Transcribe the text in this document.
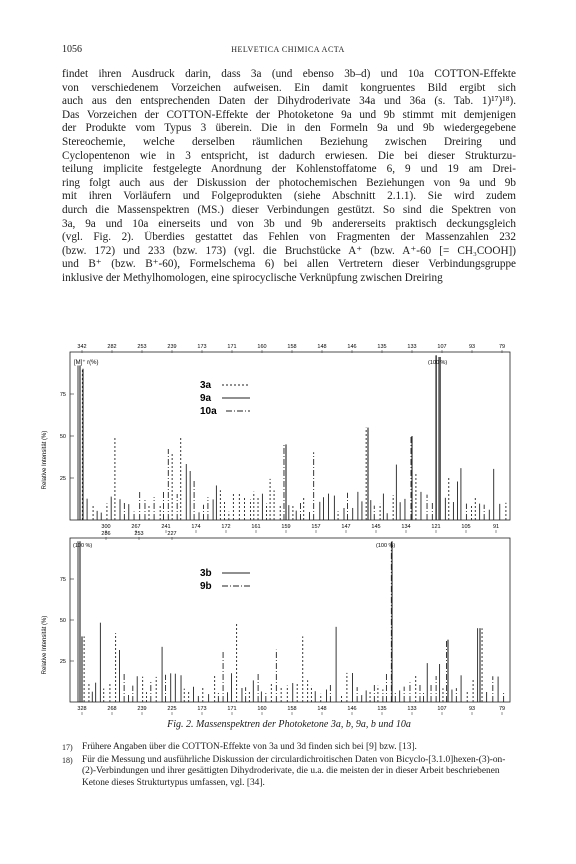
1056	HELVETICA CHIMICA ACTA
findet ihren Ausdruck darin, dass 3a (und ebenso 3b–d) und 10a COTTON-Effekte
von verschiedenem Vorzeichen aufweisen. Ein damit kongruentes Bild ergibt sich
auch aus den entsprechenden Daten der Dihydroderivate 34a und 36a (s. Tab. 1)¹⁷)¹⁸).
Das Vorzeichen der COTTON-Effekte der Photoketone 9a und 9b stimmt mit demjenigen
der Produkte vom Typus 3 überein. Die in den Formeln 9a und 9b wiedergegebene
Stereochemie, welche derselben räumlichen Beziehung zwischen Dreiring und
Cyclopentenon wie in 3 entspricht, ist dadurch erwiesen. Die bei dieser Strukturzu-
teilung implicite festgelegte Anordnung der Kohlenstoffatome 6, 9 und 19 am Drei-
ring folgt auch aus der Diskussion der photochemischen Beziehungen von 9a und 9b
mit ihren Vorläufern und Folgeprodukten (siehe Abschnitt 2.1.1). Sie wird zudem
durch die Massenspektren (MS.) dieser Verbindungen gestützt. So sind die Spektren von
3a, 9a und 10a einerseits und von 3b und 9b andererseits praktisch deckungsgleich
(vgl. Fig. 2). Überdies gestattet das Fehlen von Fragmenten der Massenzahlen 232
(bzw. 172) und 233 (bzw. 173) (vgl. die Bruchstücke A⁺ (bzw. A⁺-60 [= CH₃COOH])
und B⁺ (bzw. B⁺-60), Formelschema 6) bei allen Vertretern dieser Verbindungsgruppe
inklusive der Methylhomologen, eine spirocyclische Verknüpfung zwischen Dreiring
Relative Intensität (%)
Relative Intensität (%)
342	282	253	239	173	171	160	158	148	146	135	133	107	93	79
300	267	241	174	172	161	159	157	147	145	134	121	105	91
286	253	227
328	268	239	225	173	171	160	158	148	146	135	133	107	93	79
75
50
25
75
50
25
[M]⁺ r(%)	(100 %)
(100 %)	(100 %)
3a
9a
10a
3b
9b
Fig. 2. Massenspektren der Photoketone 3a, b, 9a, b und 10a
17) Frühere Angaben über die COTTON-Effekte von 3a und 3d finden sich bei [9] bzw. [13].
18) Für die Messung und ausführliche Diskussion der circulardichroitischen Daten von Bicyclo-[3.1.0]hexen-(3)-on-(2)-Verbindungen und ihrer gesättigten Dihydroderivate, die u.a. die meisten der in dieser Arbeit beschriebenen Ketone dieses Strukturtypus umfassen, vgl. [34].
